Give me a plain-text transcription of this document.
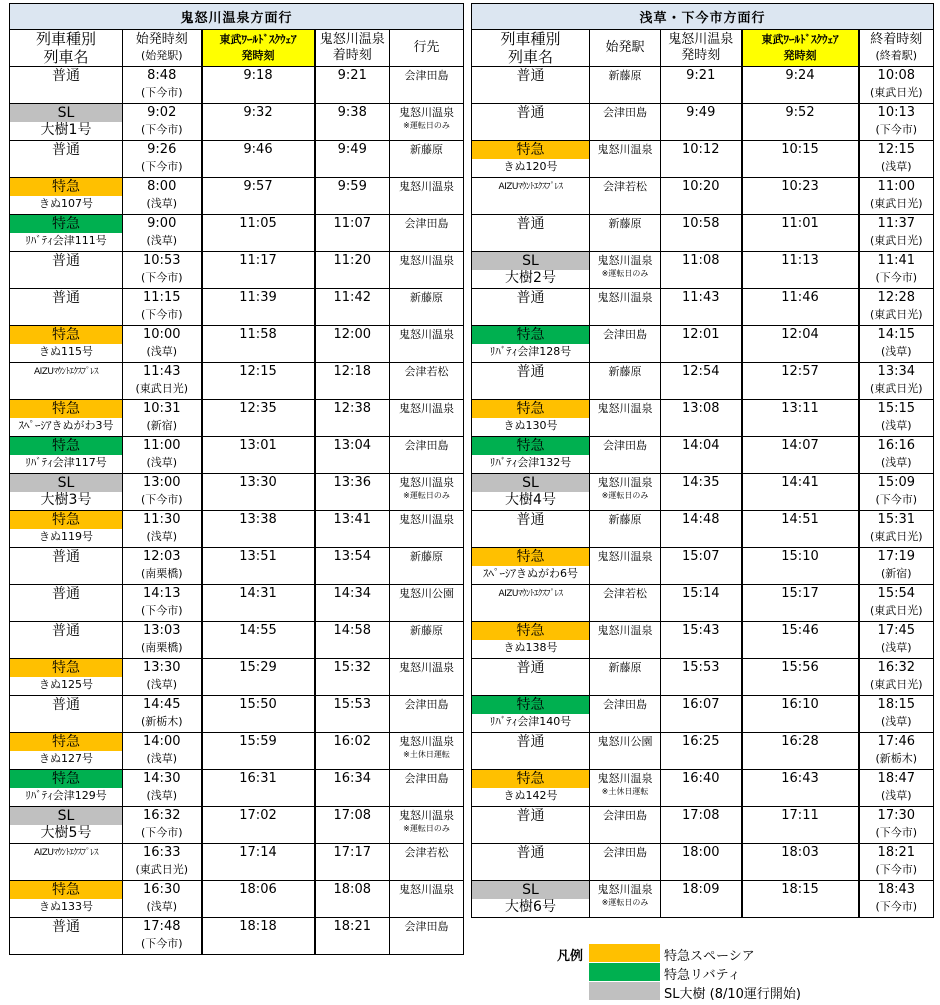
鬼怒川温泉方面行				
列車種別
列車名	始発時刻
(始発駅)	東武ﾜｰﾙﾄﾞｽｸｳｪｱ
発時刻	鬼怒川温泉
着時刻	行先

普通	8:48
(下今市)	9:18	9:21	会津田島

SL
大樹1号	9:02
(下今市)	9:32	9:38	鬼怒川温泉
※運転日のみ

普通	9:26
(下今市)	9:46	9:49	新藤原

特急
きぬ107号	8:00
(浅草)	9:57	9:59	鬼怒川温泉

特急
ﾘﾊﾞﾃｨ会津111号	9:00
(浅草)	11:05	11:07	会津田島

普通	10:53
(下今市)	11:17	11:20	鬼怒川温泉

普通	11:15
(下今市)	11:39	11:42	新藤原

特急
きぬ115号	10:00
(浅草)	11:58	12:00	鬼怒川温泉

AIZUﾏｳﾝﾄｴｸｽﾌﾟﾚｽ	11:43
(東武日光)	12:15	12:18	会津若松

特急
ｽﾍﾟｰｼｱきぬがわ3号	10:31
(新宿)	12:35	12:38	鬼怒川温泉

特急
ﾘﾊﾞﾃｨ会津117号	11:00
(浅草)	13:01	13:04	会津田島

SL
大樹3号	13:00
(下今市)	13:30	13:36	鬼怒川温泉
※運転日のみ

特急
きぬ119号	11:30
(浅草)	13:38	13:41	鬼怒川温泉

普通	12:03
(南栗橋)	13:51	13:54	新藤原

普通	14:13
(下今市)	14:31	14:34	鬼怒川公園

普通	13:03
(南栗橋)	14:55	14:58	新藤原

特急
きぬ125号	13:30
(浅草)	15:29	15:32	鬼怒川温泉

普通	14:45
(新栃木)	15:50	15:53	会津田島

特急
きぬ127号	14:00
(浅草)	15:59	16:02	鬼怒川温泉
※土休日運転

特急
ﾘﾊﾞﾃｨ会津129号	14:30
(浅草)	16:31	16:34	会津田島

SL
大樹5号	16:32
(下今市)	17:02	17:08	鬼怒川温泉
※運転日のみ

AIZUﾏｳﾝﾄｴｸｽﾌﾟﾚｽ	16:33
(東武日光)	17:14	17:17	会津若松

特急
きぬ133号	16:30
(浅草)	18:06	18:08	鬼怒川温泉

普通	17:48
(下今市)	18:18	18:21	会津田島
浅草・下今市方面行				
列車種別
列車名	始発駅	鬼怒川温泉
発時刻	東武ﾜｰﾙﾄﾞｽｸｳｪｱ
発時刻	終着時刻
(終着駅)

普通	新藤原	9:21	9:24	10:08
(東武日光)

普通	会津田島	9:49	9:52	10:13
(下今市)

特急
きぬ120号	鬼怒川温泉	10:12	10:15	12:15
(浅草)

AIZUﾏｳﾝﾄｴｸｽﾌﾟﾚｽ	会津若松	10:20	10:23	11:00
(東武日光)

普通	新藤原	10:58	11:01	11:37
(東武日光)

SL
大樹2号	鬼怒川温泉
※運転日のみ	11:08	11:13	11:41
(下今市)

普通	鬼怒川温泉	11:43	11:46	12:28
(東武日光)

特急
ﾘﾊﾞﾃｨ会津128号	会津田島	12:01	12:04	14:15
(浅草)

普通	新藤原	12:54	12:57	13:34
(東武日光)

特急
きぬ130号	鬼怒川温泉	13:08	13:11	15:15
(浅草)

特急
ﾘﾊﾞﾃｨ会津132号	会津田島	14:04	14:07	16:16
(浅草)

SL
大樹4号	鬼怒川温泉
※運転日のみ	14:35	14:41	15:09
(下今市)

普通	新藤原	14:48	14:51	15:31
(東武日光)

特急
ｽﾍﾟｰｼｱきぬがわ6号	鬼怒川温泉	15:07	15:10	17:19
(新宿)

AIZUﾏｳﾝﾄｴｸｽﾌﾟﾚｽ	会津若松	15:14	15:17	15:54
(東武日光)

特急
きぬ138号	鬼怒川温泉	15:43	15:46	17:45
(浅草)

普通	新藤原	15:53	15:56	16:32
(東武日光)

特急
ﾘﾊﾞﾃｨ会津140号	会津田島	16:07	16:10	18:15
(浅草)

普通	鬼怒川公園	16:25	16:28	17:46
(新栃木)

特急
きぬ142号	鬼怒川温泉
※土休日運転	16:40	16:43	18:47
(浅草)

普通	会津田島	17:08	17:11	17:30
(下今市)

普通	会津田島	18:00	18:03	18:21
(下今市)

SL
大樹6号	鬼怒川温泉
※運転日のみ	18:09	18:15	18:43
(下今市)
凡例	特急スペーシア
特急リバティ
SL大樹 (8/10運行開始)
